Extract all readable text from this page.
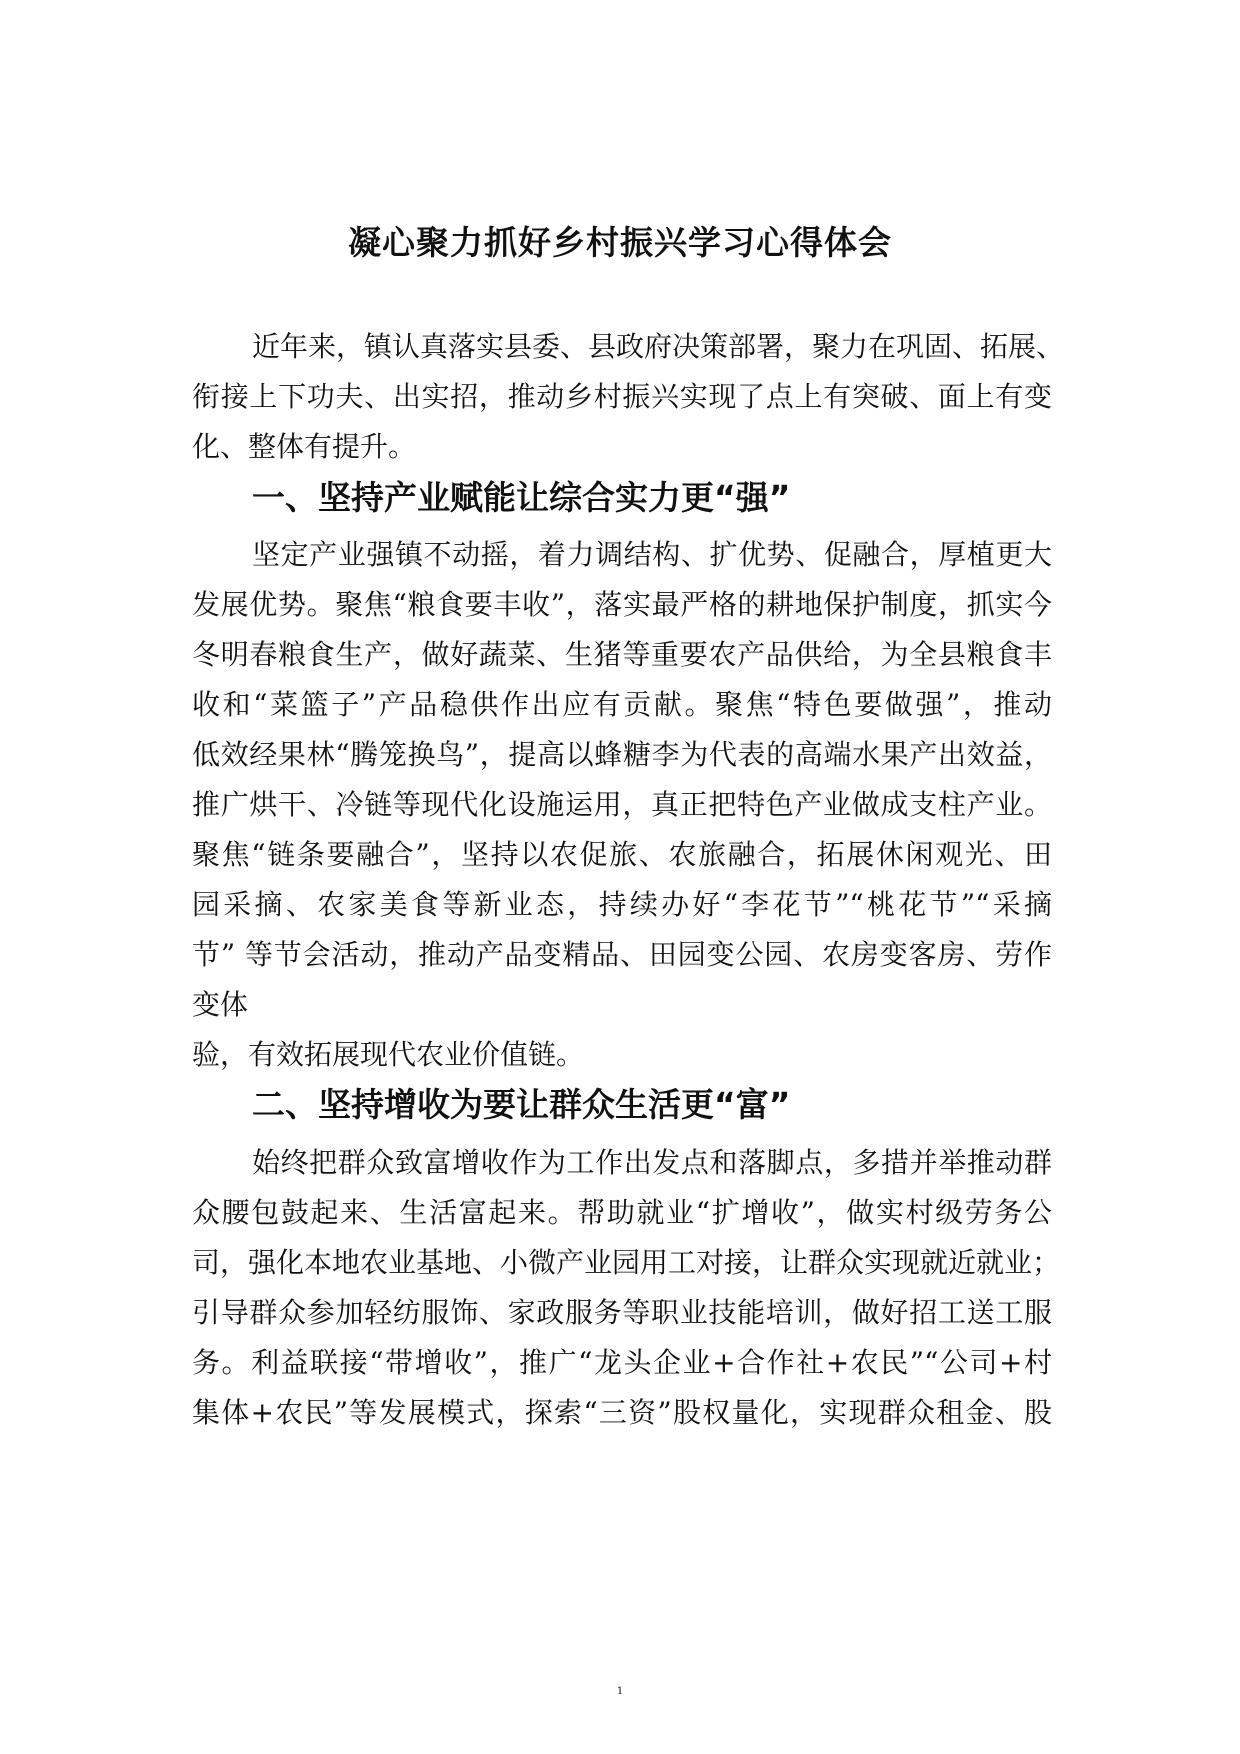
凝心聚力抓好乡村振兴学习心得体会

近年来，镇认真落实县委、县政府决策部署，聚力在巩固、拓展、

衔接上下功夫、出实招，推动乡村振兴实现了点上有突破、面上有变

化、整体有提升。

一、坚持产业赋能让综合实力更“强”

坚定产业强镇不动摇，着力调结构、扩优势、促融合，厚植更大

发展优势。聚焦“粮食要丰收”，落实最严格的耕地保护制度，抓实今

冬明春粮食生产，做好蔬菜、生猪等重要农产品供给，为全县粮食丰

收和“菜篮子”产品稳供作出应有贡献。聚焦“特色要做强”，推动

低效经果林“腾笼换鸟”，提高以蜂糖李为代表的高端水果产出效益，

推广烘干、冷链等现代化设施运用，真正把特色产业做成支柱产业。

聚焦“链条要融合”，坚持以农促旅、农旅融合，拓展休闲观光、田

园采摘、农家美食等新业态，持续办好“李花节”“桃花节”“采摘

节” 等节会活动，推动产品变精品、田园变公园、农房变客房、劳作

变体

验，有效拓展现代农业价值链。

二、坚持增收为要让群众生活更“富”

始终把群众致富增收作为工作出发点和落脚点，多措并举推动群

众腰包鼓起来、生活富起来。帮助就业“扩增收”，做实村级劳务公

司，强化本地农业基地、小微产业园用工对接，让群众实现就近就业；

引导群众参加轻纺服饰、家政服务等职业技能培训，做好招工送工服

务。利益联接“带增收”，推广“龙头企业+合作社+农民”“公司+村

集体+农民”等发展模式，探索“三资”股权量化，实现群众租金、股

1
